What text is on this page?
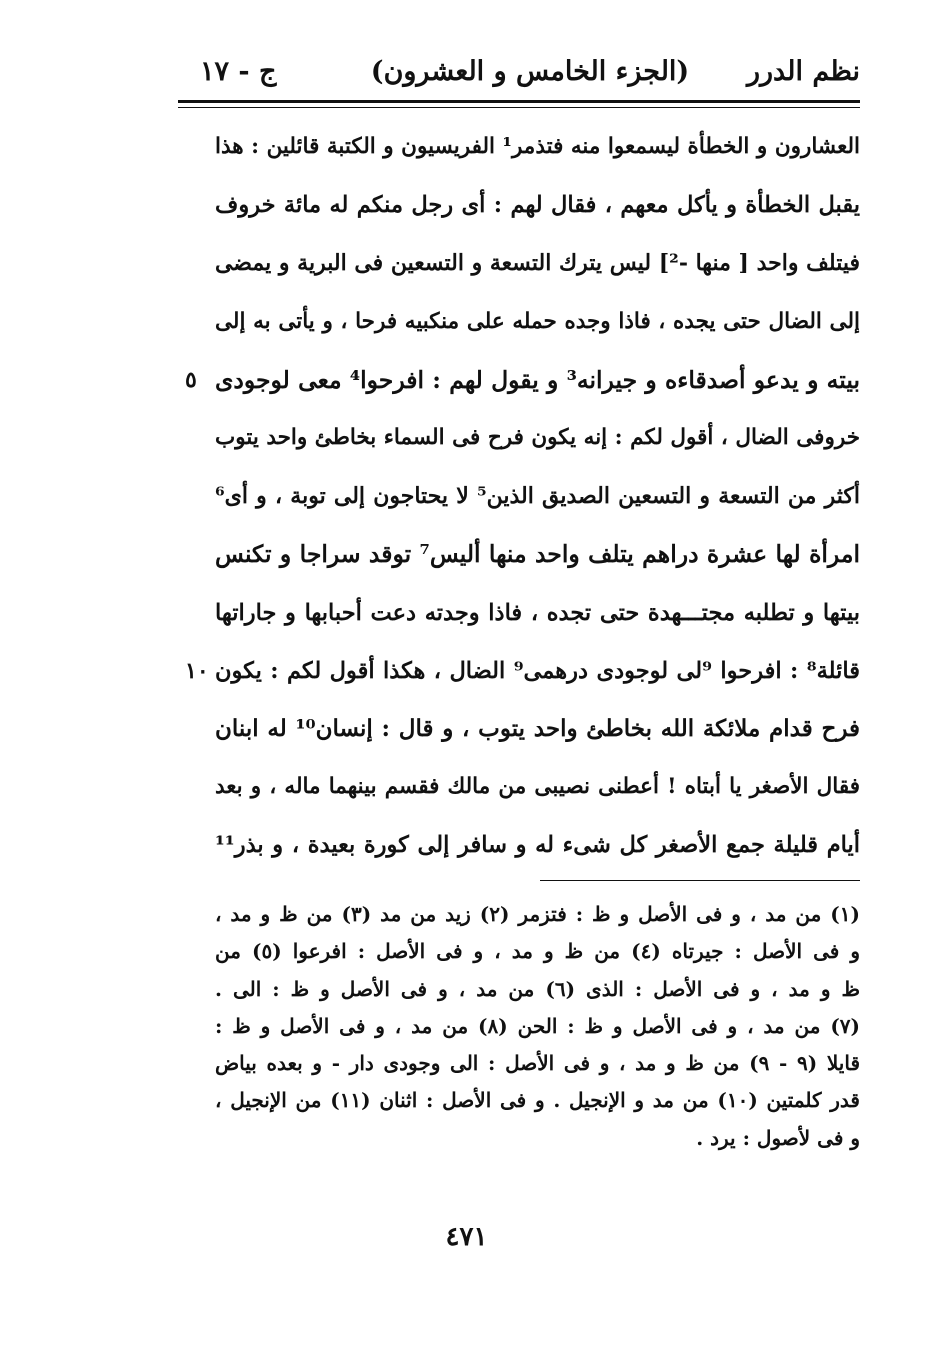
نظم الدرر
(الجزء الخامس و العشرون)
ج - ١٧
العشارون و الخطأة ليسمعوا منه فتذمر¹ الفريسيون و الكتبة قائلين : هذا
يقبل الخطأة و يأكل معهم ، فقال لهم : أى رجل منكم له مائة خروف
فيتلف واحد [ منها -²] ليس يترك التسعة و التسعين فى البرية و يمضى
إلى الضال حتى يجده ، فاذا وجده حمله على منكبيه فرحا ، و يأتى به إلى
بيته و يدعو أصدقاءه و جيرانه³ و يقول لهم : افرحوا⁴ معى لوجودى
٥
خروفى الضال ، أقول لكم : إنه يكون فرح فى السماء بخاطئ واحد يتوب
أكثر من التسعة و التسعين الصديق الذين⁵ لا يحتاجون إلى توبة ، و أى⁶
امرأة لها عشرة دراهم يتلف واحد منها أليس⁷ توقد سراجا و تكنس
بيتها و تطلبه مجتـــهدة حتى تجده ، فاذا وجدته دعت أحبابها و جاراتها
قائلة⁸ : افرحوا ⁹لى لوجودى درهمى⁹ الضال ، هكذا أقول لكم : يكون
١٠
فرح قدام ملائكة الله بخاطئ واحد يتوب ، و قال : إنسان¹⁰ له ابنان
فقال الأصغر يا أبتاه ! أعطنى نصيبى من مالك فقسم بينهما ماله ، و بعد
أيام قليلة جمع الأصغر كل شىء له و سافر إلى كورة بعيدة ، و بذر¹¹
(١) من مد ، و فى الأصل و ظ : فتزمر (٢) زيد من مد (٣) من ظ و مد ،
و فى الأصل : جيرتاه (٤) من ظ و مد ، و فى الأصل : افرعوا (٥) من
ظ و مد ، و فى الأصل : الذى (٦) من مد ، و فى الأصل و ظ : الى .
(٧) من مد ، و فى الأصل و ظ : الحن (٨) من مد ، و فى الأصل و ظ :
قايلا (٩ - ٩) من ظ و مد ، و فى الأصل : الى وجودى دار - و بعده بياض
قدر كلمتين (١٠) من مد و الإنجيل . و فى الأصل : اثنان (١١) من الإنجيل ،
و فى لأصول : يرد .
٤٧١
